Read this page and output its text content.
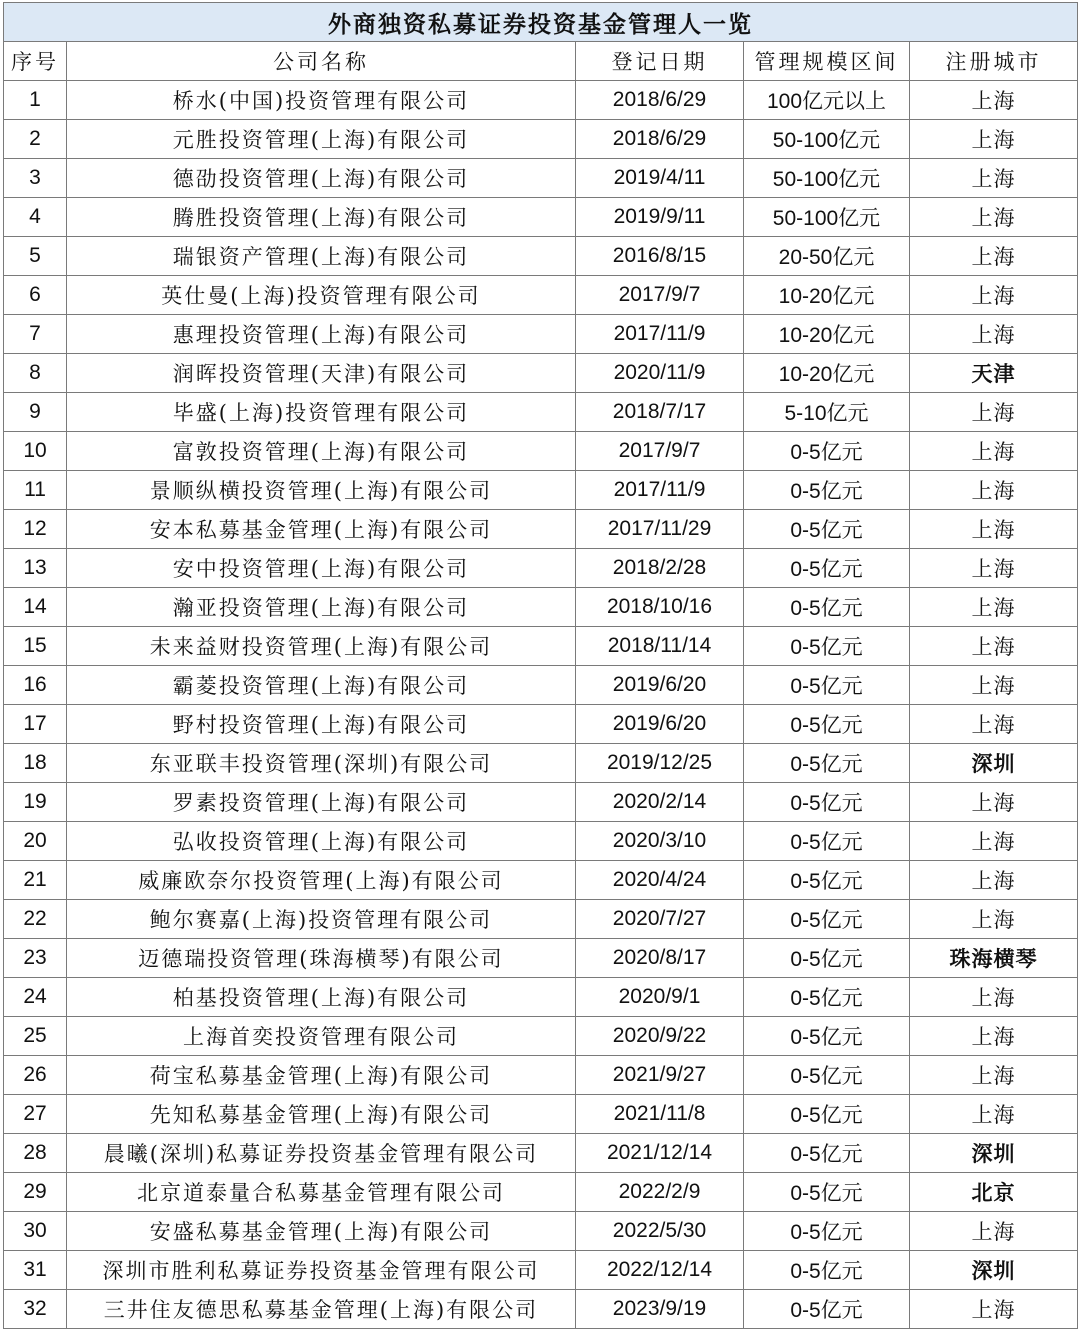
外商独资私募证券投资基金管理人一览				
序号	公司名称	登记日期	管理规模区间	注册城市
1	桥水(中国)投资管理有限公司	2018/6/29	100亿元以上	上海
2	元胜投资管理(上海)有限公司	2018/6/29	50-100亿元	上海
3	德劭投资管理(上海)有限公司	2019/4/11	50-100亿元	上海
4	腾胜投资管理(上海)有限公司	2019/9/11	50-100亿元	上海
5	瑞银资产管理(上海)有限公司	2016/8/15	20-50亿元	上海
6	英仕曼(上海)投资管理有限公司	2017/9/7	10-20亿元	上海
7	惠理投资管理(上海)有限公司	2017/11/9	10-20亿元	上海
8	润晖投资管理(天津)有限公司	2020/11/9	10-20亿元	天津
9	毕盛(上海)投资管理有限公司	2018/7/17	5-10亿元	上海
10	富敦投资管理(上海)有限公司	2017/9/7	0-5亿元	上海
11	景顺纵横投资管理(上海)有限公司	2017/11/9	0-5亿元	上海
12	安本私募基金管理(上海)有限公司	2017/11/29	0-5亿元	上海
13	安中投资管理(上海)有限公司	2018/2/28	0-5亿元	上海
14	瀚亚投资管理(上海)有限公司	2018/10/16	0-5亿元	上海
15	未来益财投资管理(上海)有限公司	2018/11/14	0-5亿元	上海
16	霸菱投资管理(上海)有限公司	2019/6/20	0-5亿元	上海
17	野村投资管理(上海)有限公司	2019/6/20	0-5亿元	上海
18	东亚联丰投资管理(深圳)有限公司	2019/12/25	0-5亿元	深圳
19	罗素投资管理(上海)有限公司	2020/2/14	0-5亿元	上海
20	弘收投资管理(上海)有限公司	2020/3/10	0-5亿元	上海
21	威廉欧奈尔投资管理(上海)有限公司	2020/4/24	0-5亿元	上海
22	鲍尔赛嘉(上海)投资管理有限公司	2020/7/27	0-5亿元	上海
23	迈德瑞投资管理(珠海横琴)有限公司	2020/8/17	0-5亿元	珠海横琴
24	柏基投资管理(上海)有限公司	2020/9/1	0-5亿元	上海
25	上海首奕投资管理有限公司	2020/9/22	0-5亿元	上海
26	荷宝私募基金管理(上海)有限公司	2021/9/27	0-5亿元	上海
27	先知私募基金管理(上海)有限公司	2021/11/8	0-5亿元	上海
28	晨曦(深圳)私募证券投资基金管理有限公司	2021/12/14	0-5亿元	深圳
29	北京道泰量合私募基金管理有限公司	2022/2/9	0-5亿元	北京
30	安盛私募基金管理(上海)有限公司	2022/5/30	0-5亿元	上海
31	深圳市胜利私募证券投资基金管理有限公司	2022/12/14	0-5亿元	深圳
32	三井住友德思私募基金管理(上海)有限公司	2023/9/19	0-5亿元	上海
